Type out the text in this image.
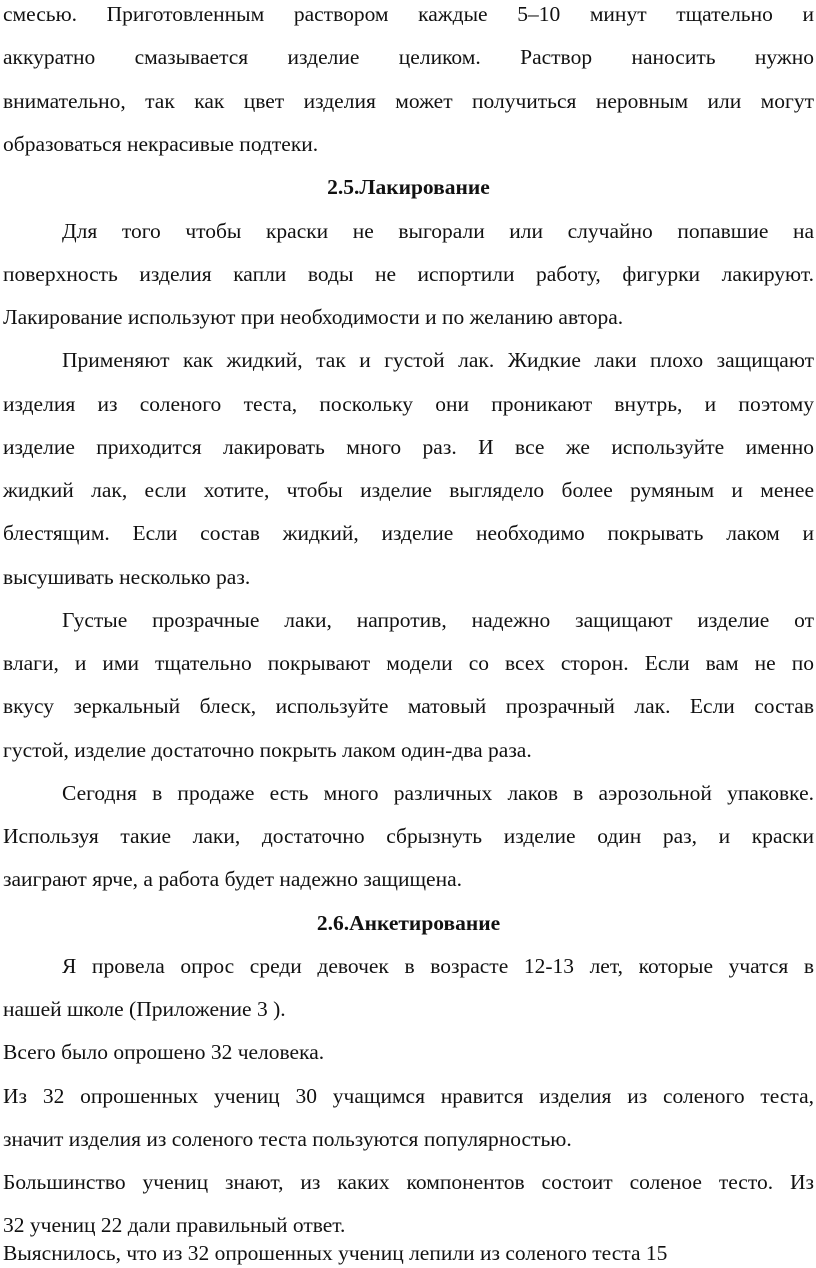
смесью. Приготовленным раствором каждые 5–10 минут тщательно и
аккуратно смазывается изделие целиком. Раствор наносить нужно
внимательно, так как цвет изделия может получиться неровным или могут
образоваться некрасивые подтеки.
2.5.Лакирование
Для того чтобы краски не выгорали или случайно попавшие на
поверхность изделия капли воды не испортили работу, фигурки лакируют.
Лакирование используют при необходимости и по желанию автора.
Применяют как жидкий, так и густой лак. Жидкие лаки плохо защищают
изделия из соленого теста, поскольку они проникают внутрь, и поэтому
изделие приходится лакировать много раз. И все же используйте именно
жидкий лак, если хотите, чтобы изделие выглядело более румяным и менее
блестящим. Если состав жидкий, изделие необходимо покрывать лаком и
высушивать несколько раз.
Густые прозрачные лаки, напротив, надежно защищают изделие от
влаги, и ими тщательно покрывают модели со всех сторон. Если вам не по
вкусу зеркальный блеск, используйте матовый прозрачный лак. Если состав
густой, изделие достаточно покрыть лаком один-два раза.
Сегодня в продаже есть много различных лаков в аэрозольной упаковке.
Используя такие лаки, достаточно сбрызнуть изделие один раз, и краски
заиграют ярче, а работа будет надежно защищена.
2.6.Анкетирование
Я провела опрос среди девочек в возрасте 12-13 лет, которые учатся в
нашей школе (Приложение 3 ).
Всего было опрошено 32 человека.
Из 32 опрошенных учениц 30 учащимся нравится изделия из соленого теста,
значит изделия из соленого теста пользуются популярностью.
Большинство учениц знают, из каких компонентов состоит соленое тесто. Из
32 учениц 22 дали правильный ответ.
Выяснилось, что из 32 опрошенных учениц лепили из соленого теста 15
